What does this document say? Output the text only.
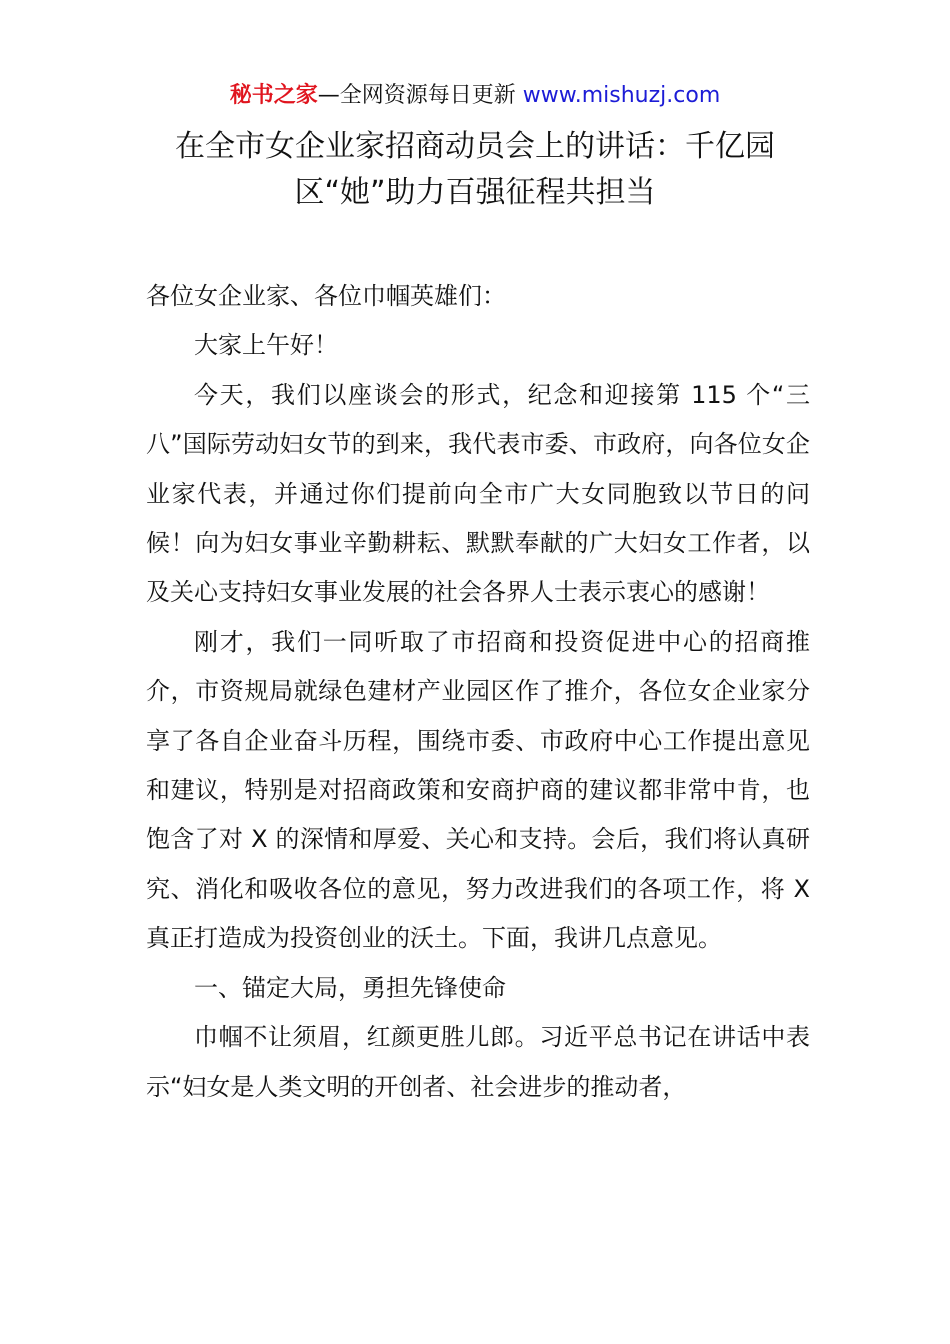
秘书之家—全网资源每日更新 www.mishuzj.com
在全市女企业家招商动员会上的讲话：千亿园区“她”助力百强征程共担当

各位女企业家、各位巾帼英雄们：

大家上午好！

今天，我们以座谈会的形式，纪念和迎接第 115 个“三八”国际劳动妇女节的到来，我代表市委、市政府，向各位女企业家代表，并通过你们提前向全市广大女同胞致以节日的问候！向为妇女事业辛勤耕耘、默默奉献的广大妇女工作者，以及关心支持妇女事业发展的社会各界人士表示衷心的感谢！

刚才，我们一同听取了市招商和投资促进中心的招商推介，市资规局就绿色建材产业园区作了推介，各位女企业家分享了各自企业奋斗历程，围绕市委、市政府中心工作提出意见和建议，特别是对招商政策和安商护商的建议都非常中肯，也饱含了对 X 的深情和厚爱、关心和支持。会后，我们将认真研究、消化和吸收各位的意见，努力改进我们的各项工作，将 X 真正打造成为投资创业的沃土。下面，我讲几点意见。

一、锚定大局，勇担先锋使命

巾帼不让须眉，红颜更胜儿郎。习近平总书记在讲话中表示“妇女是人类文明的开创者、社会进步的推动者，
